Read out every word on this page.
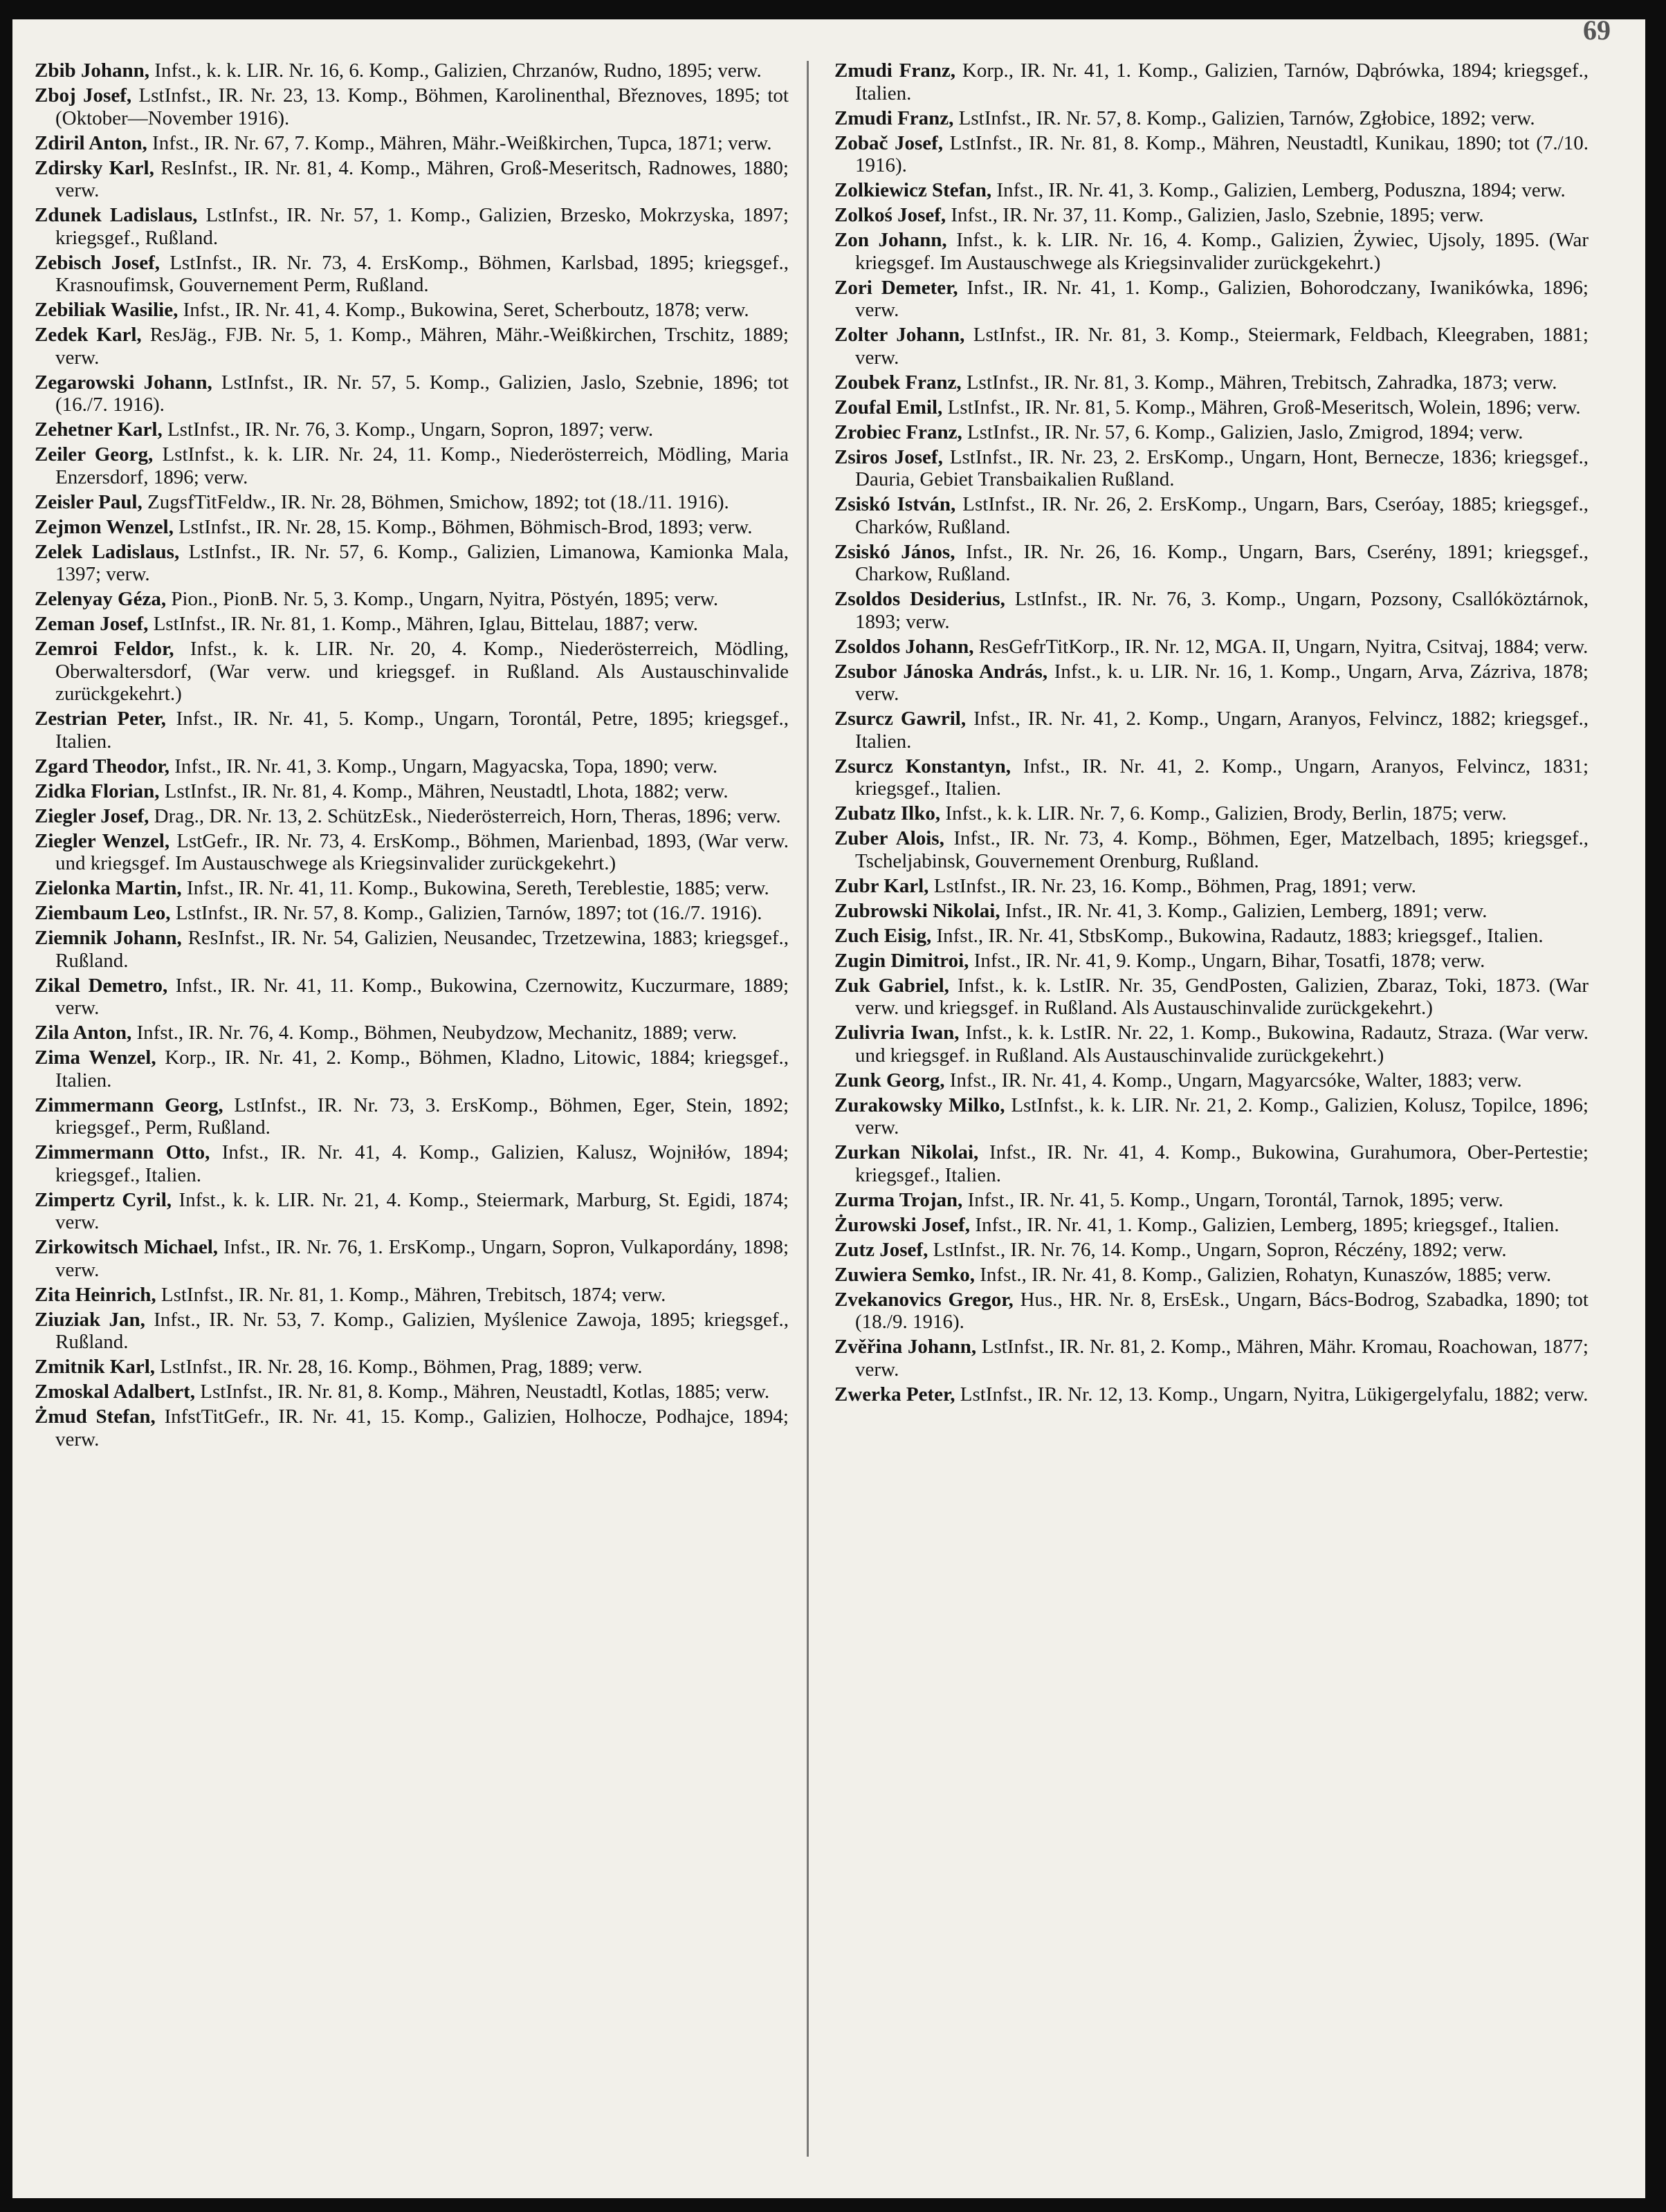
69

Zbib Johann, Infst., k. k. LIR. Nr. 16, 6. Komp., Galizien, Chrzanów, Rudno, 1895; verw.

Zboj Josef, LstInfst., IR. Nr. 23, 13. Komp., Böhmen, Karolinenthal, Březnoves, 1895; tot (Oktober—November 1916).

Zdiril Anton, Infst., IR. Nr. 67, 7. Komp., Mähren, Mähr.-Weißkirchen, Tupca, 1871; verw.

Zdirsky Karl, ResInfst., IR. Nr. 81, 4. Komp., Mähren, Groß-Meseritsch, Radnowes, 1880; verw.

Zdunek Ladislaus, LstInfst., IR. Nr. 57, 1. Komp., Galizien, Brzesko, Mokrzyska, 1897; kriegsgef., Rußland.

Zebisch Josef, LstInfst., IR. Nr. 73, 4. ErsKomp., Böhmen, Karlsbad, 1895; kriegsgef., Krasnoufimsk, Gouvernement Perm, Rußland.

Zebiliak Wasilie, Infst., IR. Nr. 41, 4. Komp., Bukowina, Seret, Scherboutz, 1878; verw.

Zedek Karl, ResJäg., FJB. Nr. 5, 1. Komp., Mähren, Mähr.-Weißkirchen, Trschitz, 1889; verw.

Zegarowski Johann, LstInfst., IR. Nr. 57, 5. Komp., Galizien, Jaslo, Szebnie, 1896; tot (16./7. 1916).

Zehetner Karl, LstInfst., IR. Nr. 76, 3. Komp., Ungarn, Sopron, 1897; verw.

Zeiler Georg, LstInfst., k. k. LIR. Nr. 24, 11. Komp., Niederösterreich, Mödling, Maria Enzersdorf, 1896; verw.

Zeisler Paul, ZugsfTitFeldw., IR. Nr. 28, Böhmen, Smichow, 1892; tot (18./11. 1916).

Zejmon Wenzel, LstInfst., IR. Nr. 28, 15. Komp., Böhmen, Böhmisch-Brod, 1893; verw.

Zelek Ladislaus, LstInfst., IR. Nr. 57, 6. Komp., Galizien, Limanowa, Kamionka Mala, 1397; verw.

Zelenyay Géza, Pion., PionB. Nr. 5, 3. Komp., Ungarn, Nyitra, Pöstyén, 1895; verw.

Zeman Josef, LstInfst., IR. Nr. 81, 1. Komp., Mähren, Iglau, Bittelau, 1887; verw.

Zemroi Feldor, Infst., k. k. LIR. Nr. 20, 4. Komp., Niederösterreich, Mödling, Oberwaltersdorf, (War verw. und kriegsgef. in Rußland. Als Austauschinvalide zurückgekehrt.)

Zestrian Peter, Infst., IR. Nr. 41, 5. Komp., Ungarn, Torontál, Petre, 1895; kriegsgef., Italien.

Zgard Theodor, Infst., IR. Nr. 41, 3. Komp., Ungarn, Magyacska, Topa, 1890; verw.

Zidka Florian, LstInfst., IR. Nr. 81, 4. Komp., Mähren, Neustadtl, Lhota, 1882; verw.

Ziegler Josef, Drag., DR. Nr. 13, 2. SchützEsk., Niederösterreich, Horn, Theras, 1896; verw.

Ziegler Wenzel, LstGefr., IR. Nr. 73, 4. ErsKomp., Böhmen, Marienbad, 1893, (War verw. und kriegsgef. Im Austauschwege als Kriegsinvalider zurückgekehrt.)

Zielonka Martin, Infst., IR. Nr. 41, 11. Komp., Bukowina, Sereth, Tereblestie, 1885; verw.

Ziembaum Leo, LstInfst., IR. Nr. 57, 8. Komp., Galizien, Tarnów, 1897; tot (16./7. 1916).

Ziemnik Johann, ResInfst., IR. Nr. 54, Galizien, Neusandec, Trzetzewina, 1883; kriegsgef., Rußland.

Zikal Demetro, Infst., IR. Nr. 41, 11. Komp., Bukowina, Czernowitz, Kuczurmare, 1889; verw.

Zila Anton, Infst., IR. Nr. 76, 4. Komp., Böhmen, Neubydzow, Mechanitz, 1889; verw.

Zima Wenzel, Korp., IR. Nr. 41, 2. Komp., Böhmen, Kladno, Litowic, 1884; kriegsgef., Italien.

Zimmermann Georg, LstInfst., IR. Nr. 73, 3. ErsKomp., Böhmen, Eger, Stein, 1892; kriegsgef., Perm, Rußland.

Zimmermann Otto, Infst., IR. Nr. 41, 4. Komp., Galizien, Kalusz, Wojniłów, 1894; kriegsgef., Italien.

Zimpertz Cyril, Infst., k. k. LIR. Nr. 21, 4. Komp., Steiermark, Marburg, St. Egidi, 1874; verw.

Zirkowitsch Michael, Infst., IR. Nr. 76, 1. ErsKomp., Ungarn, Sopron, Vulkapordány, 1898; verw.

Zita Heinrich, LstInfst., IR. Nr. 81, 1. Komp., Mähren, Trebitsch, 1874; verw.

Ziuziak Jan, Infst., IR. Nr. 53, 7. Komp., Galizien, Myślenice Zawoja, 1895; kriegsgef., Rußland.

Zmitnik Karl, LstInfst., IR. Nr. 28, 16. Komp., Böhmen, Prag, 1889; verw.

Zmoskal Adalbert, LstInfst., IR. Nr. 81, 8. Komp., Mähren, Neustadtl, Kotlas, 1885; verw.

Żmud Stefan, InfstTitGefr., IR. Nr. 41, 15. Komp., Galizien, Holhocze, Podhajce, 1894; verw.

Zmudi Franz, Korp., IR. Nr. 41, 1. Komp., Galizien, Tarnów, Dąbrówka, 1894; kriegsgef., Italien.

Zmudi Franz, LstInfst., IR. Nr. 57, 8. Komp., Galizien, Tarnów, Zgłobice, 1892; verw.

Zobač Josef, LstInfst., IR. Nr. 81, 8. Komp., Mähren, Neustadtl, Kunikau, 1890; tot (7./10. 1916).

Zolkiewicz Stefan, Infst., IR. Nr. 41, 3. Komp., Galizien, Lemberg, Poduszna, 1894; verw.

Zolkoś Josef, Infst., IR. Nr. 37, 11. Komp., Galizien, Jaslo, Szebnie, 1895; verw.

Zon Johann, Infst., k. k. LIR. Nr. 16, 4. Komp., Galizien, Żywiec, Ujsoly, 1895. (War kriegsgef. Im Austauschwege als Kriegsinvalider zurückgekehrt.)

Zori Demeter, Infst., IR. Nr. 41, 1. Komp., Galizien, Bohorodczany, Iwanikówka, 1896; verw.

Zolter Johann, LstInfst., IR. Nr. 81, 3. Komp., Steiermark, Feldbach, Kleegraben, 1881; verw.

Zoubek Franz, LstInfst., IR. Nr. 81, 3. Komp., Mähren, Trebitsch, Zahradka, 1873; verw.

Zoufal Emil, LstInfst., IR. Nr. 81, 5. Komp., Mähren, Groß-Meseritsch, Wolein, 1896; verw.

Zrobiec Franz, LstInfst., IR. Nr. 57, 6. Komp., Galizien, Jaslo, Zmigrod, 1894; verw.

Zsiros Josef, LstInfst., IR. Nr. 23, 2. ErsKomp., Ungarn, Hont, Bernecze, 1836; kriegsgef., Dauria, Gebiet Transbaikalien Rußland.

Zsiskó István, LstInfst., IR. Nr. 26, 2. ErsKomp., Ungarn, Bars, Cseróay, 1885; kriegsgef., Charków, Rußland.

Zsiskó János, Infst., IR. Nr. 26, 16. Komp., Ungarn, Bars, Cserény, 1891; kriegsgef., Charkow, Rußland.

Zsoldos Desiderius, LstInfst., IR. Nr. 76, 3. Komp., Ungarn, Pozsony, Csallóköztárnok, 1893; verw.

Zsoldos Johann, ResGefrTitKorp., IR. Nr. 12, MGA. II, Ungarn, Nyitra, Csitvaj, 1884; verw.

Zsubor Jánoska András, Infst., k. u. LIR. Nr. 16, 1. Komp., Ungarn, Arva, Zázriva, 1878; verw.

Zsurcz Gawril, Infst., IR. Nr. 41, 2. Komp., Ungarn, Aranyos, Felvincz, 1882; kriegsgef., Italien.

Zsurcz Konstantyn, Infst., IR. Nr. 41, 2. Komp., Ungarn, Aranyos, Felvincz, 1831; kriegsgef., Italien.

Zubatz Ilko, Infst., k. k. LIR. Nr. 7, 6. Komp., Galizien, Brody, Berlin, 1875; verw.

Zuber Alois, Infst., IR. Nr. 73, 4. Komp., Böhmen, Eger, Matzelbach, 1895; kriegsgef., Tscheljabinsk, Gouvernement Orenburg, Rußland.

Zubr Karl, LstInfst., IR. Nr. 23, 16. Komp., Böhmen, Prag, 1891; verw.

Zubrowski Nikolai, Infst., IR. Nr. 41, 3. Komp., Galizien, Lemberg, 1891; verw.

Zuch Eisig, Infst., IR. Nr. 41, StbsKomp., Bukowina, Radautz, 1883; kriegsgef., Italien.

Zugin Dimitroi, Infst., IR. Nr. 41, 9. Komp., Ungarn, Bihar, Tosatfi, 1878; verw.

Zuk Gabriel, Infst., k. k. LstIR. Nr. 35, GendPosten, Galizien, Zbaraz, Toki, 1873. (War verw. und kriegsgef. in Rußland. Als Austauschinvalide zurückgekehrt.)

Zulivria Iwan, Infst., k. k. LstIR. Nr. 22, 1. Komp., Bukowina, Radautz, Straza. (War verw. und kriegsgef. in Rußland. Als Austauschinvalide zurückgekehrt.)

Zunk Georg, Infst., IR. Nr. 41, 4. Komp., Ungarn, Magyarcsóke, Walter, 1883; verw.

Zurakowsky Milko, LstInfst., k. k. LIR. Nr. 21, 2. Komp., Galizien, Kolusz, Topilce, 1896; verw.

Zurkan Nikolai, Infst., IR. Nr. 41, 4. Komp., Bukowina, Gurahumora, Ober-Pertestie; kriegsgef., Italien.

Zurma Trojan, Infst., IR. Nr. 41, 5. Komp., Ungarn, Torontál, Tarnok, 1895; verw.

Żurowski Josef, Infst., IR. Nr. 41, 1. Komp., Galizien, Lemberg, 1895; kriegsgef., Italien.

Zutz Josef, LstInfst., IR. Nr. 76, 14. Komp., Ungarn, Sopron, Réczény, 1892; verw.

Zuwiera Semko, Infst., IR. Nr. 41, 8. Komp., Galizien, Rohatyn, Kunaszów, 1885; verw.

Zvekanovics Gregor, Hus., HR. Nr. 8, ErsEsk., Ungarn, Bács-Bodrog, Szabadka, 1890; tot (18./9. 1916).

Zvěřina Johann, LstInfst., IR. Nr. 81, 2. Komp., Mähren, Mähr. Kromau, Roachowan, 1877; verw.

Zwerka Peter, LstInfst., IR. Nr. 12, 13. Komp., Ungarn, Nyitra, Lükigergelyfalu, 1882; verw.
